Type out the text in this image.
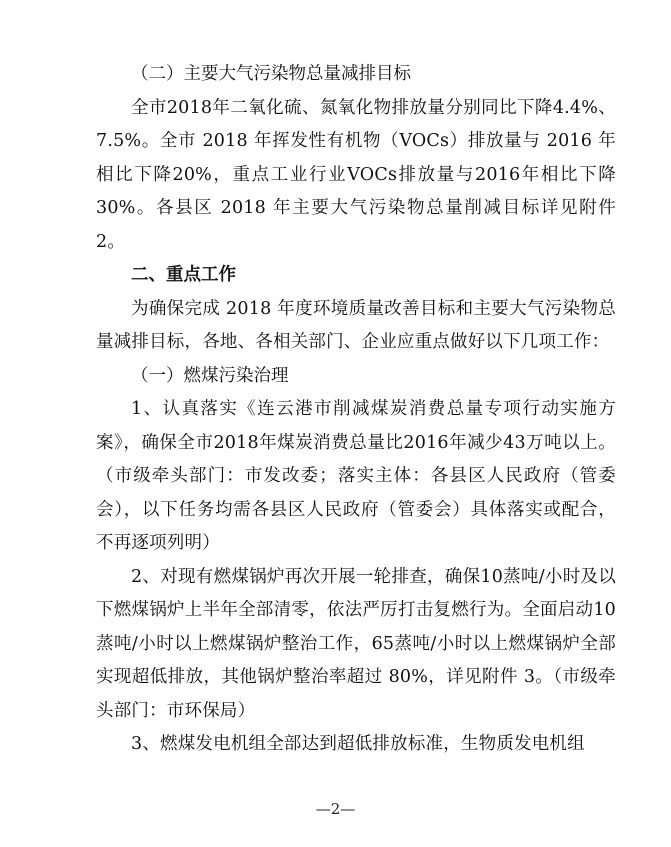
（二）主要大气污染物总量减排目标

全市2018年二氧化硫、氮氧化物排放量分别同比下降4.4%、7.5%。全市 2018 年挥发性有机物（VOCs）排放量与 2016 年相比下降20%，重点工业行业VOCs排放量与2016年相比下降30%。各县区 2018 年主要大气污染物总量削减目标详见附件 2。

二、重点工作

为确保完成 2018 年度环境质量改善目标和主要大气污染物总量减排目标，各地、各相关部门、企业应重点做好以下几项工作：

（一）燃煤污染治理

1、认真落实《连云港市削减煤炭消费总量专项行动实施方案》，确保全市2018年煤炭消费总量比2016年减少43万吨以上。（市级牵头部门：市发改委；落实主体：各县区人民政府（管委会），以下任务均需各县区人民政府（管委会）具体落实或配合，不再逐项列明）

2、对现有燃煤锅炉再次开展一轮排查，确保10蒸吨/小时及以下燃煤锅炉上半年全部清零，依法严厉打击复燃行为。全面启动10蒸吨/小时以上燃煤锅炉整治工作，65蒸吨/小时以上燃煤锅炉全部实现超低排放，其他锅炉整治率超过 80%，详见附件 3。（市级牵头部门：市环保局）

3、燃煤发电机组全部达到超低排放标准，生物质发电机组

—2—
